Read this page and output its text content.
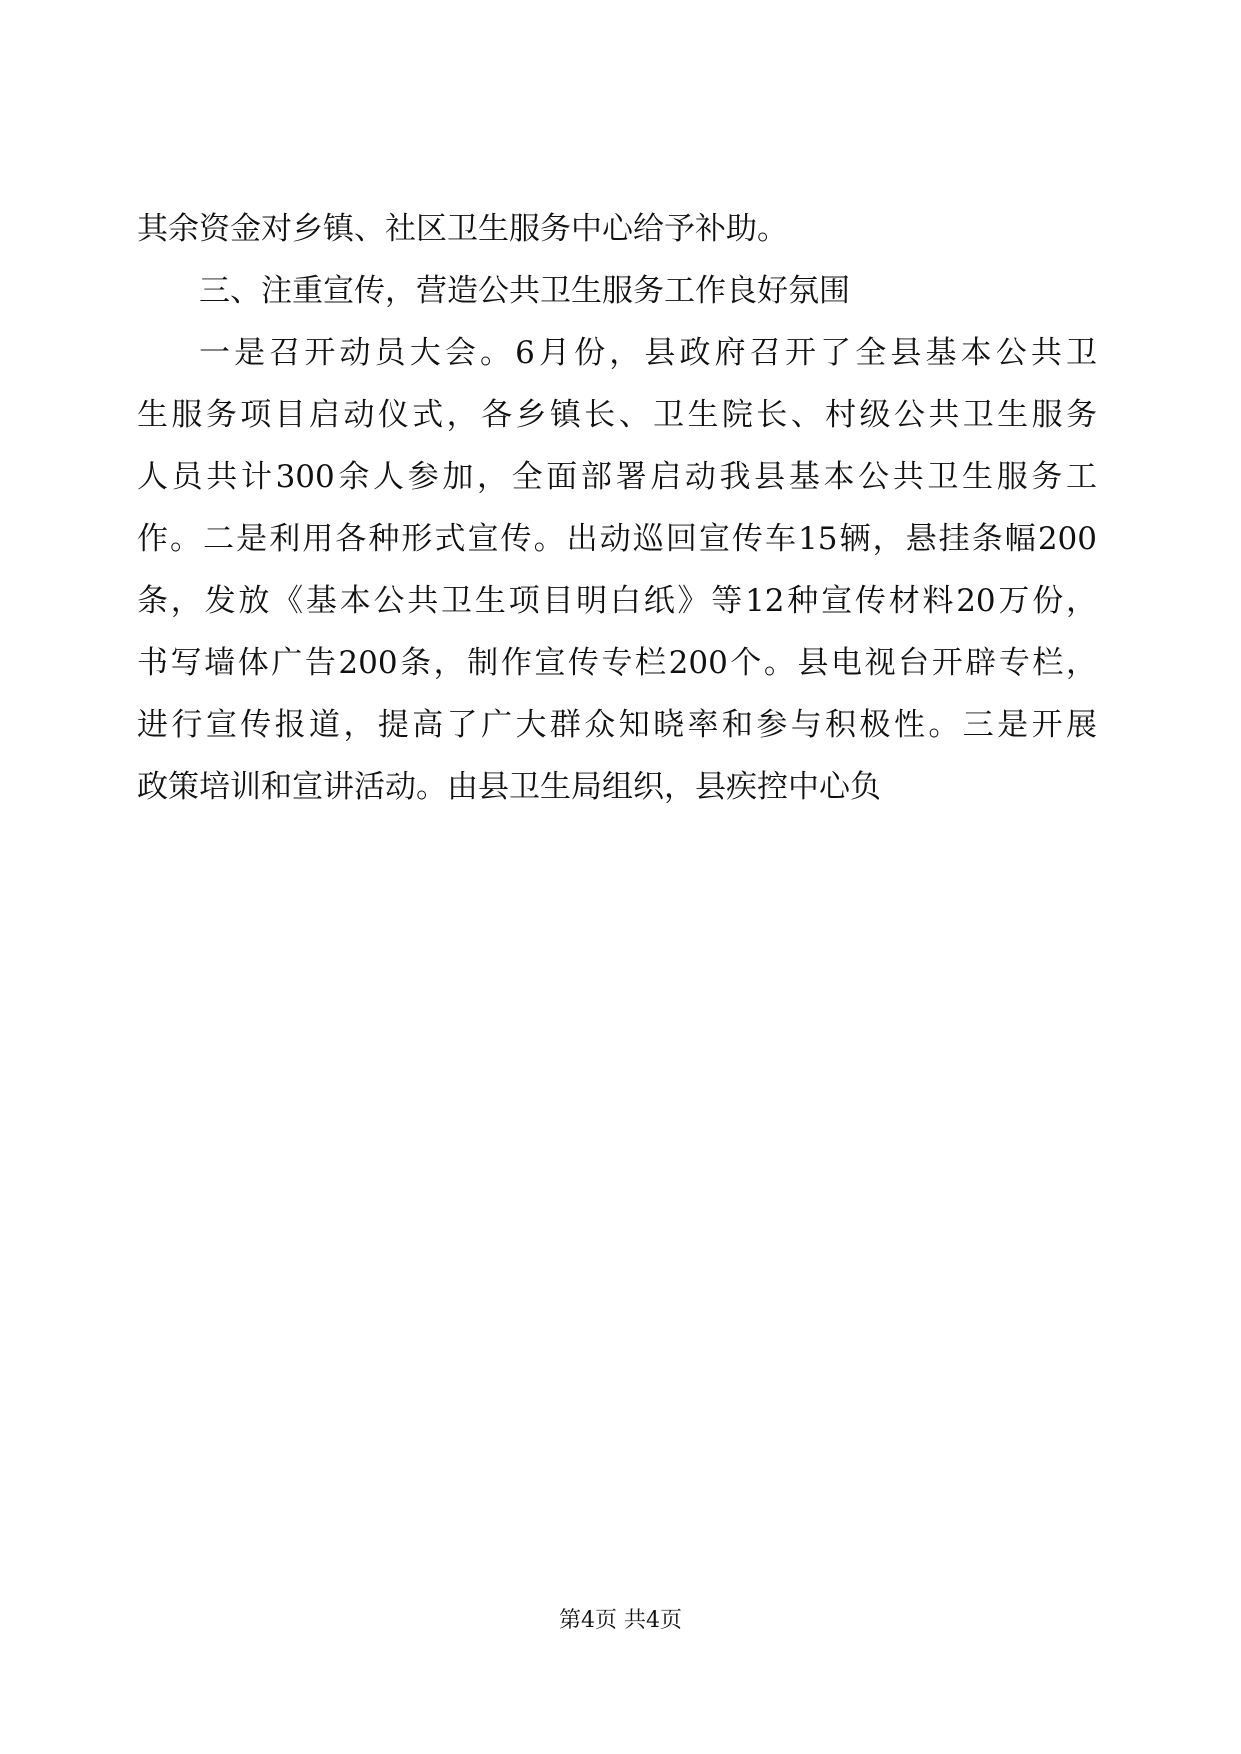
其余资金对乡镇、社区卫生服务中心给予补助。
三、注重宣传，营造公共卫生服务工作良好氛围
一是召开动员大会。6月份，县政府召开了全县基本公共卫
生服务项目启动仪式，各乡镇长、卫生院长、村级公共卫生服务
人员共计300余人参加，全面部署启动我县基本公共卫生服务工
作。二是利用各种形式宣传。出动巡回宣传车15辆，悬挂条幅200
条，发放《基本公共卫生项目明白纸》等12种宣传材料20万份，
书写墙体广告200条，制作宣传专栏200个。县电视台开辟专栏，
进行宣传报道，提高了广大群众知晓率和参与积极性。三是开展
政策培训和宣讲活动。由县卫生局组织，县疾控中心负
第4页 共4页
